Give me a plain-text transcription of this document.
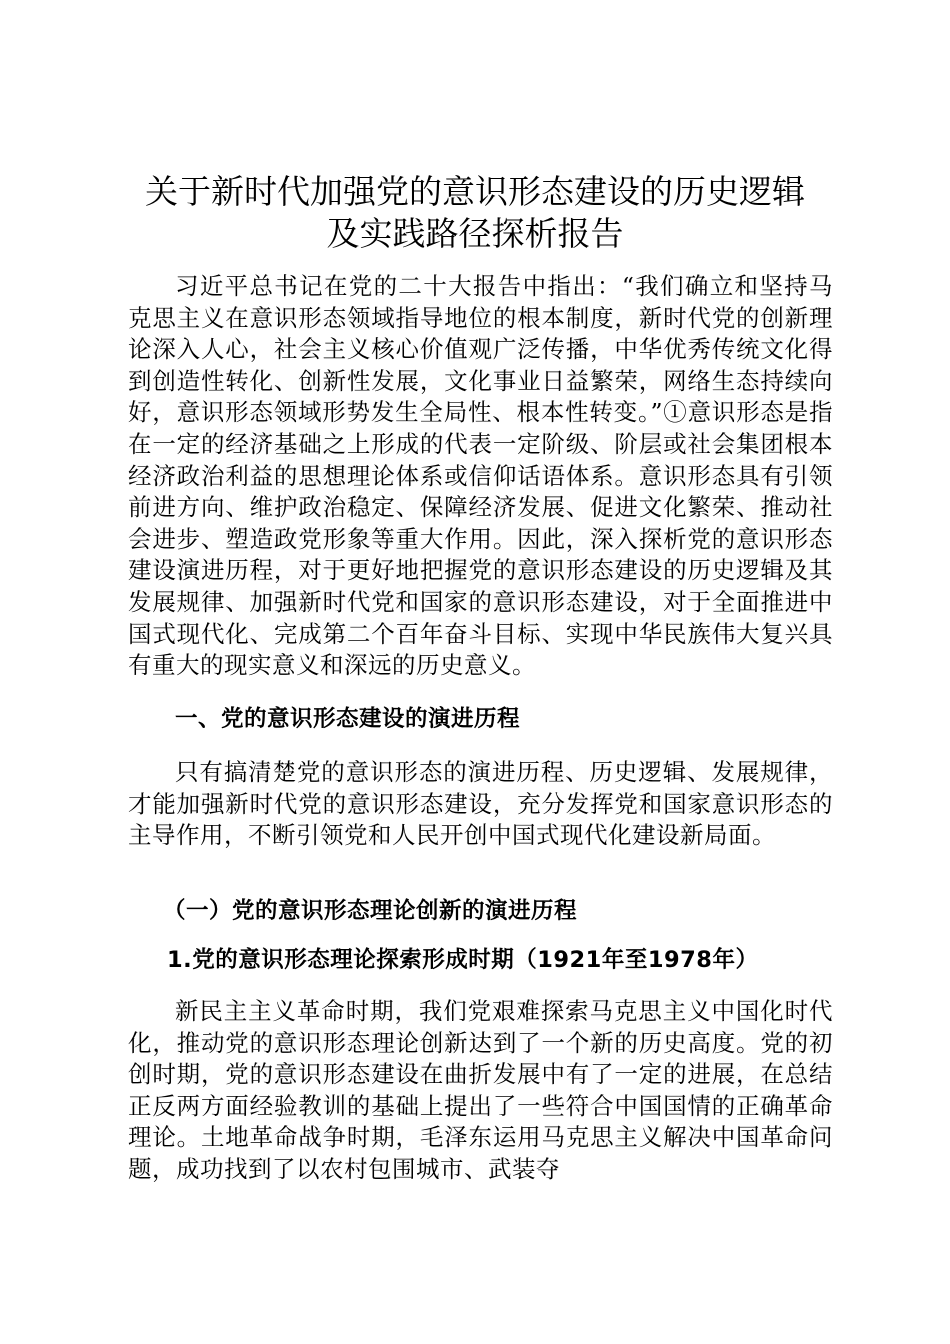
关于新时代加强党的意识形态建设的历史逻辑
及实践路径探析报告

习近平总书记在党的二十大报告中指出：“我们确立和坚持马克思主义在意识形态领域指导地位的根本制度，新时代党的创新理论深入人心，社会主义核心价值观广泛传播，中华优秀传统文化得到创造性转化、创新性发展，文化事业日益繁荣，网络生态持续向好，意识形态领域形势发生全局性、根本性转变。”①意识形态是指在一定的经济基础之上形成的代表一定阶级、阶层或社会集团根本经济政治利益的思想理论体系或信仰话语体系。意识形态具有引领前进方向、维护政治稳定、保障经济发展、促进文化繁荣、推动社会进步、塑造政党形象等重大作用。因此，深入探析党的意识形态建设演进历程，对于更好地把握党的意识形态建设的历史逻辑及其发展规律、加强新时代党和国家的意识形态建设，对于全面推进中国式现代化、完成第二个百年奋斗目标、实现中华民族伟大复兴具有重大的现实意义和深远的历史意义。

一、党的意识形态建设的演进历程

只有搞清楚党的意识形态的演进历程、历史逻辑、发展规律，才能加强新时代党的意识形态建设，充分发挥党和国家意识形态的主导作用，不断引领党和人民开创中国式现代化建设新局面。

（一）党的意识形态理论创新的演进历程
1.党的意识形态理论探索形成时期（1921年至1978年）

新民主主义革命时期，我们党艰难探索马克思主义中国化时代化，推动党的意识形态理论创新达到了一个新的历史高度。党的初创时期，党的意识形态建设在曲折发展中有了一定的进展，在总结正反两方面经验教训的基础上提出了一些符合中国国情的正确革命理论。土地革命战争时期，毛泽东运用马克思主义解决中国革命问题，成功找到了以农村包围城市、武装夺
